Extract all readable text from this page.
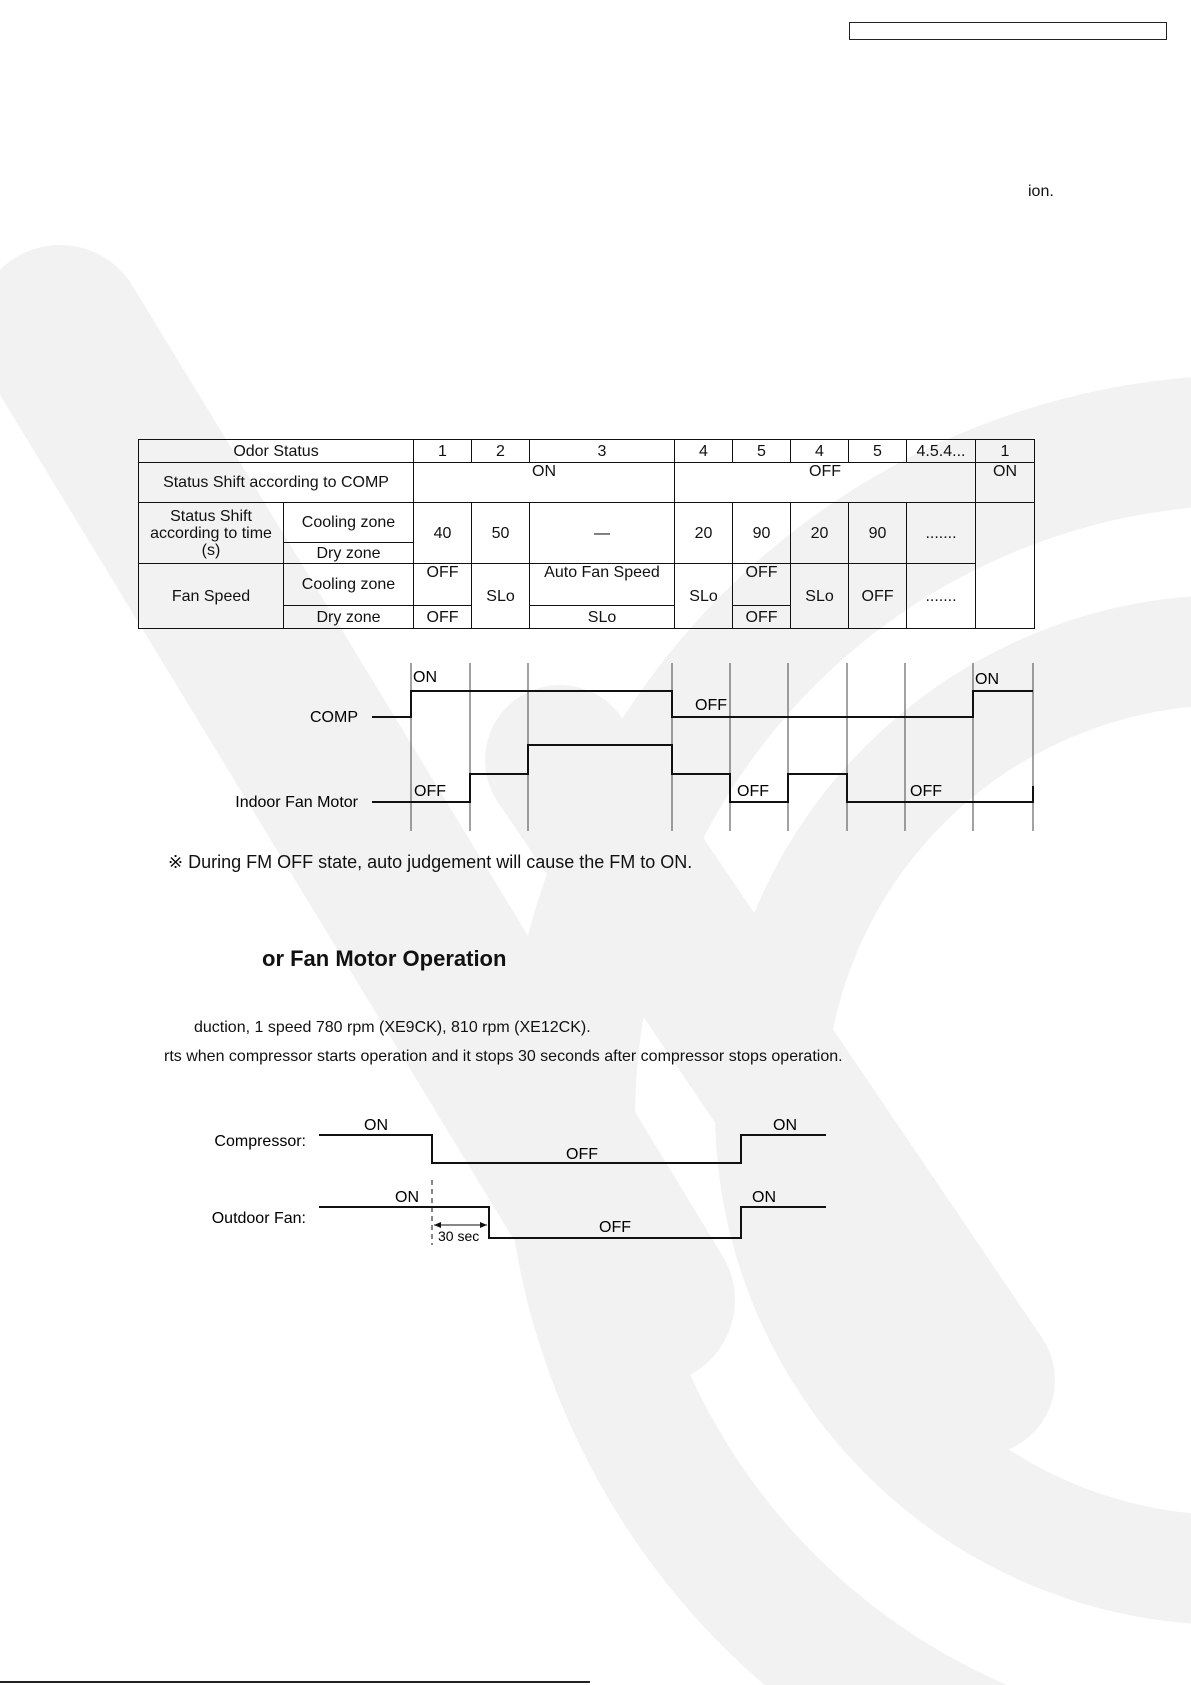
ion.
Odor Status		1	2	3	4	5	4	5	4.5.4...	1
Status Shift according to COMP		ON			OFF					ON
Status Shift according to time (s)	Cooling zone	40	50	—	20	90	20	90	.......	
	Dry zone									
Fan Speed	Cooling zone	OFF	SLo	Auto Fan Speed	SLo	OFF	SLo	OFF	.......	
	Dry zone	OFF		SLo		OFF				
COMP
Indoor Fan Motor
ON
OFF
ON
OFF	OFF	OFF
※ During FM OFF state, auto judgement will cause the FM to ON.
or Fan Motor Operation
duction, 1 speed 780 rpm (XE9CK), 810 rpm (XE12CK).
rts when compressor starts operation and it stops 30 seconds after compressor stops operation.
Compressor:
Outdoor Fan:
ON
OFF
ON
ON
OFF
ON
30 sec
